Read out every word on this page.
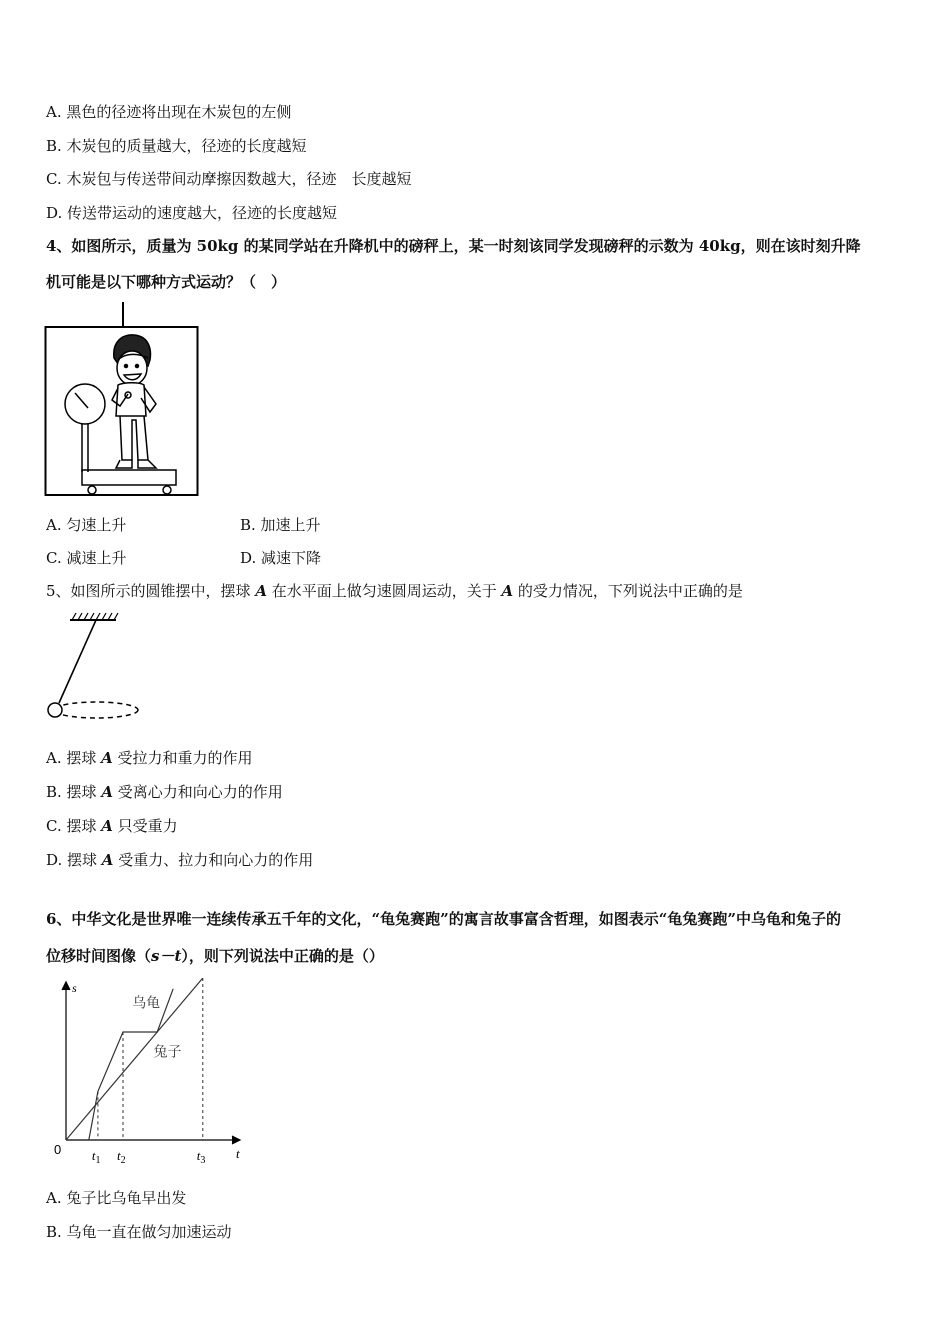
A. 黑色的径迹将出现在木炭包的左侧
B. 木炭包的质量越大，径迹的长度越短
C. 木炭包与传送带间动摩擦因数越大，径迹　长度越短
D. 传送带运动的速度越大，径迹的长度越短
4、如图所示，质量为 50kg 的某同学站在升降机中的磅秤上，某一时刻该同学发现磅秤的示数为 40kg，则在该时刻升降
机可能是以下哪种方式运动？（　）
A. 匀速上升	B. 加速上升
C. 减速上升	D. 减速下降
5、如图所示的圆锥摆中，摆球 A 在水平面上做匀速圆周运动，关于 A 的受力情况，下列说法中正确的是
A. 摆球 A 受拉力和重力的作用
B. 摆球 A 受离心力和向心力的作用
C. 摆球 A 只受重力
D. 摆球 A 受重力、拉力和向心力的作用
6、中华文化是世界唯一连续传承五千年的文化，“龟兔赛跑”的寓言故事富含哲理，如图表示“龟兔赛跑”中乌龟和兔子的
位移时间图像（s－t），则下列说法中正确的是（）
s
t
0 $t_1$ $t_2$	$t_3$
乌龟
兔子
A. 兔子比乌龟早出发
B. 乌龟一直在做匀加速运动
